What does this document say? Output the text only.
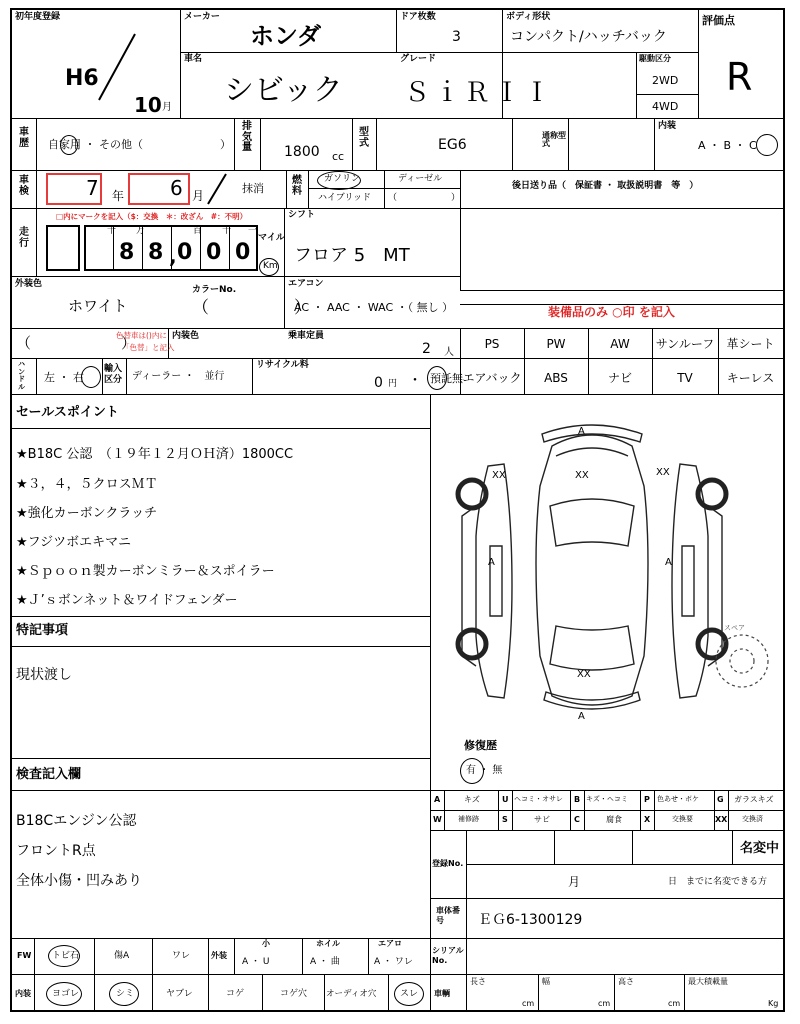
初年度登録
H6
10 月
メーカー
ホンダ
ドア枚数
3
ボディ形状
コンパクト/ハッチバック
評価点
R
車名
シビック
グレード
ＳｉＲＩＩ
駆動区分
2WD
4WD
車歴 自家用 ・ その他（　　　　　　　）
排気量 1800 cc
型式	EG6
通称型式
内装
A ・ B ・ C
車検	7 年 6 月
抹消
燃料
ガソリン	ディーゼル
ハイブリッド （　　　　　　）
後日送り品（　保証書 ・ 取扱説明書　等　）
走行
□内にマークを記入（$：交換　＊：改ざん　#：不明）
十 万	百 十 一
8 8 , 0 0 0
マイル
Km
シフト
フロア 5　MT
エアコン
AC ・ AAC ・ WAC ・（ 無し ）
外装色
ホワイト
カラーNo.
（　　　　　）	装備品のみ ○印 を記入
（　　　　　　）
色替車は()内に
「色替」と記入
内装色	乗車定員
2 人
PS	PW	AW	サンルーフ	革シート
エアバック	ABS	ナビ	TV	キーレス
ハンドル
左 ・ 右
輸入区分 ディーラー ・　並行
リサイクル料
0 円 ・ 預託無
セールスポイント
★B18C 公認　（１９年１２月ＯＨ済）1800CC
★３，４，５クロスＭＴ
★強化カーボンクラッチ
★フジツボエキマニ
★Ｓｐｏｏｎ製カーボンミラー＆スポイラー
★Ｊ’ｓボンネット＆ワイドフェンダー
特記事項
現状渡し
検査記入欄
B18Cエンジン公認
フロントR点
全体小傷・凹みあり
A
XX	XX	XX
A	A
XX
A
スペア
修復歴
有 ・ 無
A	キズ	U ヘコミ・オサレ B キズ・ヘコミ P 色あせ・ボケ G ガラスキズ
W 補修跡	S	サビ	C	腐食	X	交換要	XX 交換済
登録No.
名変中
月	日　までに名変できる方
車体番号	ＥＧ6-1300129
シリアルNo.
FW トビ石	傷A	ワレ	外装
小	ホイル	エアロ
A ・ U	A ・ 曲	A ・ ワレ
内装 ヨゴレ	シミ	ヤブレ	コゲ	コゲ穴 オーディオ穴	スレ 車輌
長さ
cm
幅
cm
高さ
cm
最大積載量
Kg
